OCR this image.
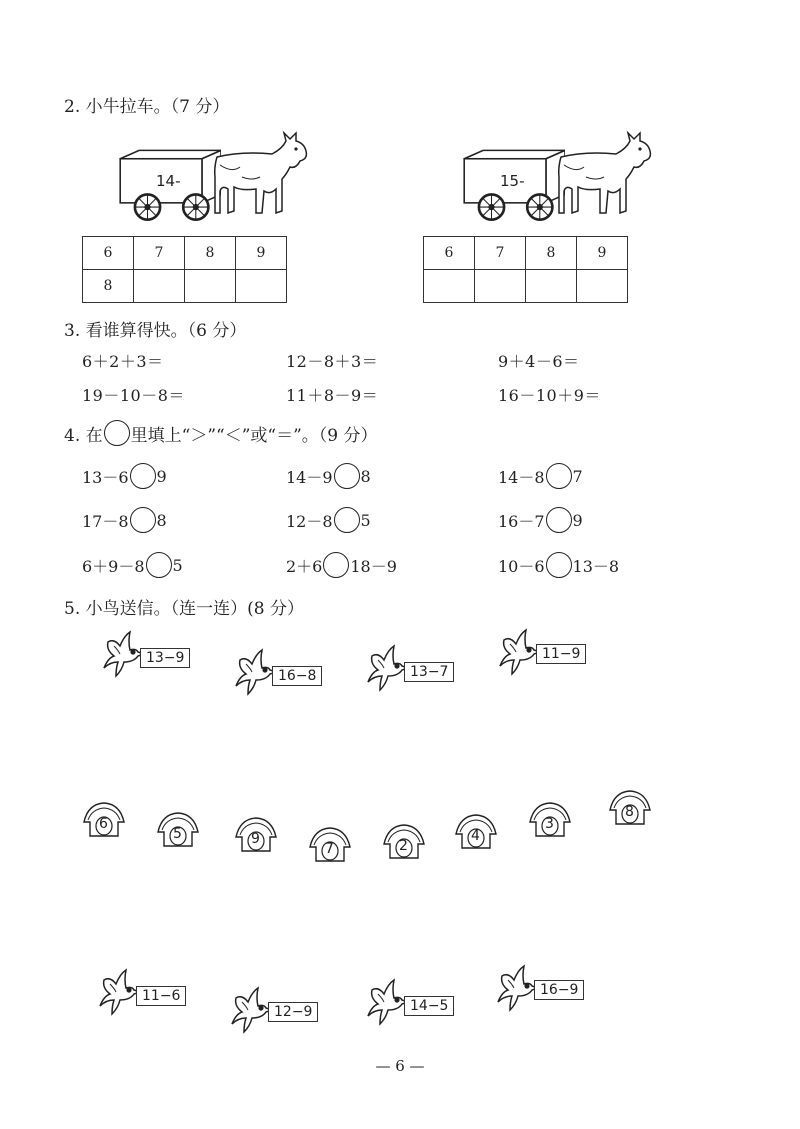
2. 小牛拉车。（7 分）
14-	15-
6	7	8	9
8			
6	7	8	9

3. 看谁算得快。（6 分）
6＋2＋3＝	12－8＋3＝	9＋4－6＝
19－10－8＝	11＋8－9＝	16－10＋9＝
4. 在 里填上“＞”“＜”或“＝”。（9 分）
13－6 9	14－9 8	14－8 7
17－8 8	12－8 5	16－7 9
6＋9－8 5	2＋6 18－9	10－6 13－8
5. 小鸟送信。（连一连）(8 分）
13−9
16−8	13−7
11−9
6
5	9
7	2
4
3
8
11−6
12−9	14−5
16−9
— 6 —
